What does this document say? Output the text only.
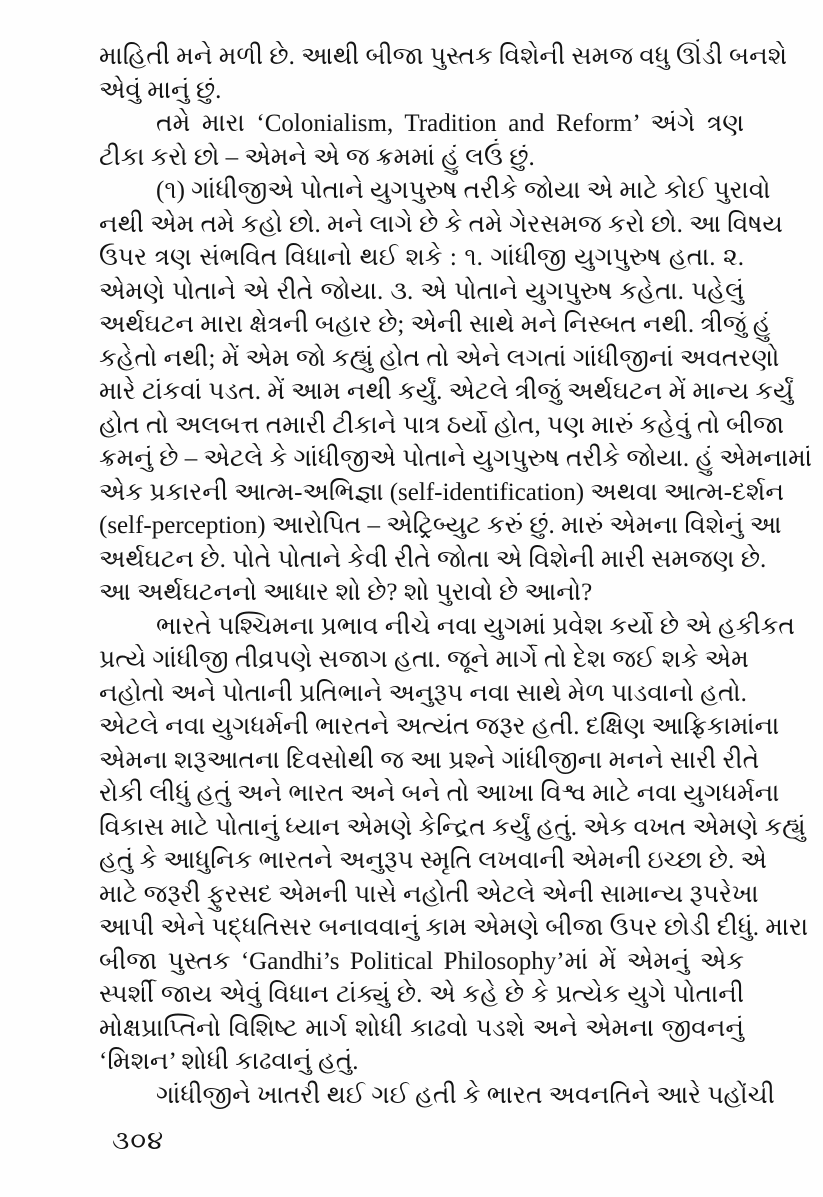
માહિતી મને મળી છે. આથી બીજા પુસ્તક વિશેની સમજ વધુ ઊંડી બનશે
એવું માનું છું.
તમે મારા ‘Colonialism, Tradition and Reform’ અંગે ત્રણ
ટીકા કરો છો – એમને એ જ ક્રમમાં હું લઉં છું.
(૧) ગાંધીજીએ પોતાને યુગપુરુષ તરીકે જોયા એ માટે કોઈ પુરાવો
નથી એમ તમે કહો છો. મને લાગે છે કે તમે ગેરસમજ કરો છો. આ વિષય
ઉપર ત્રણ સંભવિત વિધાનો થઈ શકે : ૧. ગાંધીજી યુગપુરુષ હતા. ૨.
એમણે પોતાને એ રીતે જોયા. ૩. એ પોતાને યુગપુરુષ કહેતા. પહેલું
અર્થઘટન મારા ક્ષેત્રની બહાર છે; એની સાથે મને નિસ્બત નથી. ત્રીજું હું
કહેતો નથી; મેં એમ જો કહ્યું હોત તો એને લગતાં ગાંધીજીનાં અવતરણો
મારે ટાંકવાં પડત. મેં આમ નથી કર્યું. એટલે ત્રીજું અર્થઘટન મેં માન્ય કર્યું
હોત તો અલબત્ત તમારી ટીકાને પાત્ર ઠર્યો હોત, પણ મારું કહેવું તો બીજા
ક્રમનું છે – એટલે કે ગાંધીજીએ પોતાને યુગપુરુષ તરીકે જોયા. હું એમનામાં
એક પ્રકારની આત્મ-અભિજ્ઞા (self-identification) અથવા આત્મ-દર્શન
(self-perception) આરોપિત – એટ્રિબ્યુટ કરું છું. મારું એમના વિશેનું આ
અર્થઘટન છે. પોતે પોતાને કેવી રીતે જોતા એ વિશેની મારી સમજણ છે.
આ અર્થઘટનનો આધાર શો છે? શો પુરાવો છે આનો?
ભારતે પશ્ચિમના પ્રભાવ નીચે નવા યુગમાં પ્રવેશ કર્યો છે એ હકીકત
પ્રત્યે ગાંધીજી તીવ્રપણે સજાગ હતા. જૂને માર્ગે તો દેશ જઈ શકે એમ
નહોતો અને પોતાની પ્રતિભાને અનુરૂપ નવા સાથે મેળ પાડવાનો હતો.
એટલે નવા યુગધર્મની ભારતને અત્યંત જરૂર હતી. દક્ષિણ આફ્રિકામાંના
એમના શરૂઆતના દિવસોથી જ આ પ્રશ્ને ગાંધીજીના મનને સારી રીતે
રોકી લીધું હતું અને ભારત અને બને તો આખા વિશ્વ માટે નવા યુગધર્મના
વિકાસ માટે પોતાનું ધ્યાન એમણે કેન્દ્રિત કર્યું હતું. એક વખત એમણે કહ્યું
હતું કે આધુનિક ભારતને અનુરૂપ સ્મૃતિ લખવાની એમની ઇચ્છા છે. એ
માટે જરૂરી ફુરસદ એમની પાસે નહોતી એટલે એની સામાન્ય રૂપરેખા
આપી એને પદ્ધતિસર બનાવવાનું કામ એમણે બીજા ઉપર છોડી દીધું. મારા
બીજા પુસ્તક ‘Gandhi’s Political Philosophy’માં મેં એમનું એક
સ્પર્શી જાય એવું વિધાન ટાંક્યું છે. એ કહે છે કે પ્રત્યેક યુગે પોતાની
મોક્ષપ્રાપ્તિનો વિશિષ્ટ માર્ગ શોધી કાઢવો પડશે અને એમના જીવનનું
‘મિશન’ શોધી કાઢવાનું હતું.
ગાંધીજીને ખાતરી થઈ ગઈ હતી કે ભારત અવનતિને આરે પહોંચી
૩૦૪
